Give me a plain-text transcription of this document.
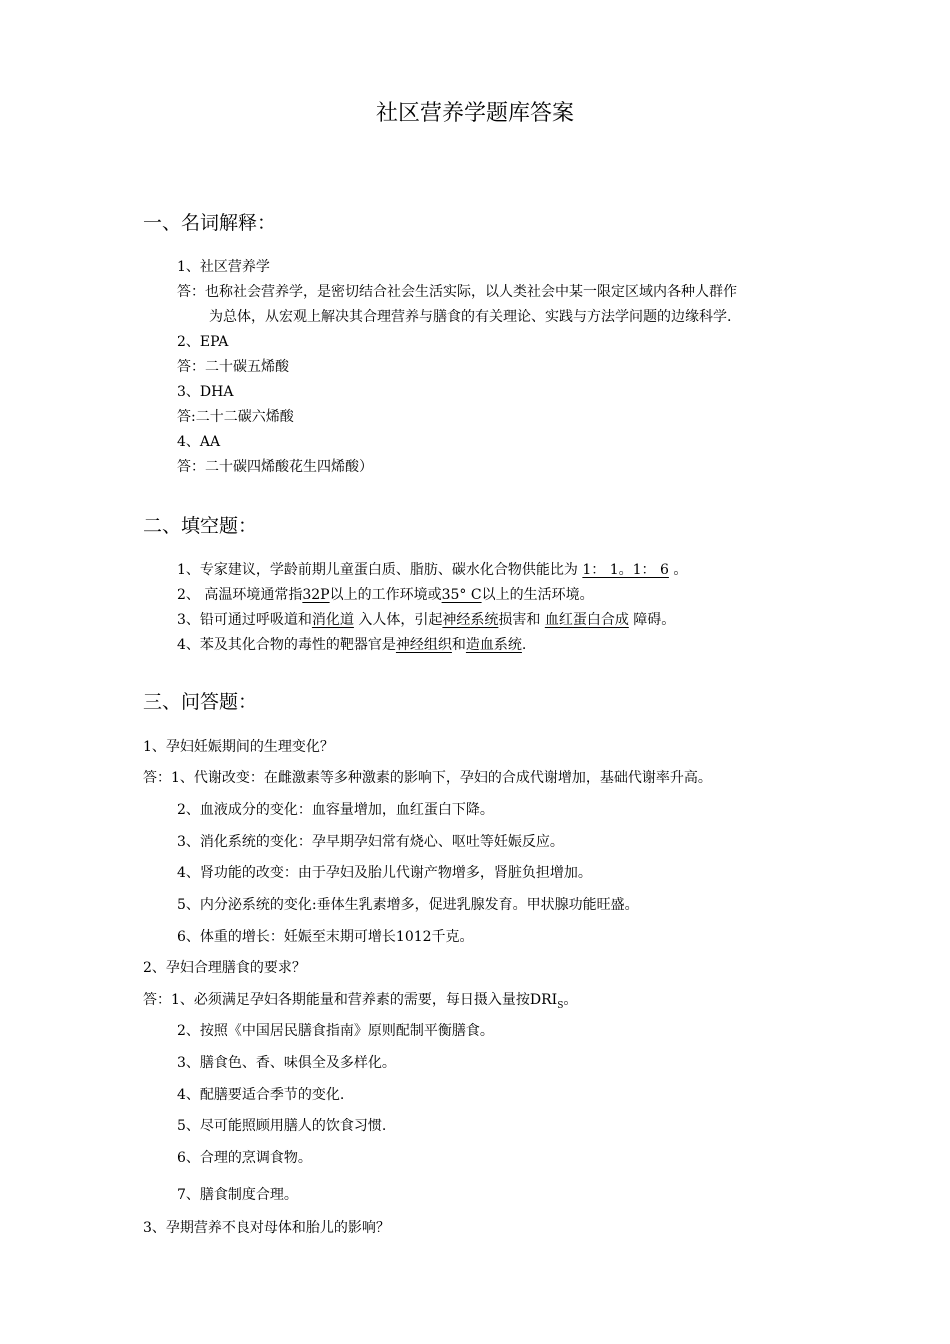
社区营养学题库答案
一、名词解释：
1、社区营养学
答：也称社会营养学，是密切结合社会生活实际，以人类社会中某一限定区域内各种人群作
为总体，从宏观上解决其合理营养与膳食的有关理论、实践与方法学问题的边缘科学.
2、EPA
答：二十碳五烯酸
3、DHA
答:二十二碳六烯酸
4、AA
答：二十碳四烯酸花生四烯酸）
二、填空题：
1、专家建议，学龄前期儿童蛋白质、脂肪、碳水化合物供能比为 1： 1。1： 6 。
2、 高温环境通常指32P以上的工作环境或35° C以上的生活环境。
3、铅可通过呼吸道和消化道 入人体，引起神经系统损害和 血红蛋白合成 障碍。
4、苯及其化合物的毒性的靶器官是神经组织和造血系统.
三、问答题：
1、孕妇妊娠期间的生理变化？
答：1、代谢改变：在雌激素等多种激素的影响下，孕妇的合成代谢增加，基础代谢率升高。
2、血液成分的变化：血容量增加，血红蛋白下降。
3、消化系统的变化：孕早期孕妇常有烧心、呕吐等妊娠反应。
4、肾功能的改变：由于孕妇及胎儿代谢产物增多，肾脏负担增加。
5、内分泌系统的变化:垂体生乳素增多，促进乳腺发育。甲状腺功能旺盛。
6、体重的增长：妊娠至末期可增长1012千克。
2、孕妇合理膳食的要求？
答：1、必须满足孕妇各期能量和营养素的需要，每日摄入量按$DRI_S$。
2、按照《中国居民膳食指南》原则配制平衡膳食。
3、膳食色、香、味俱全及多样化。
4、配膳要适合季节的变化.
5、尽可能照顾用膳人的饮食习惯.
6、合理的烹调食物。
7、膳食制度合理。
3、孕期营养不良对母体和胎儿的影响？
